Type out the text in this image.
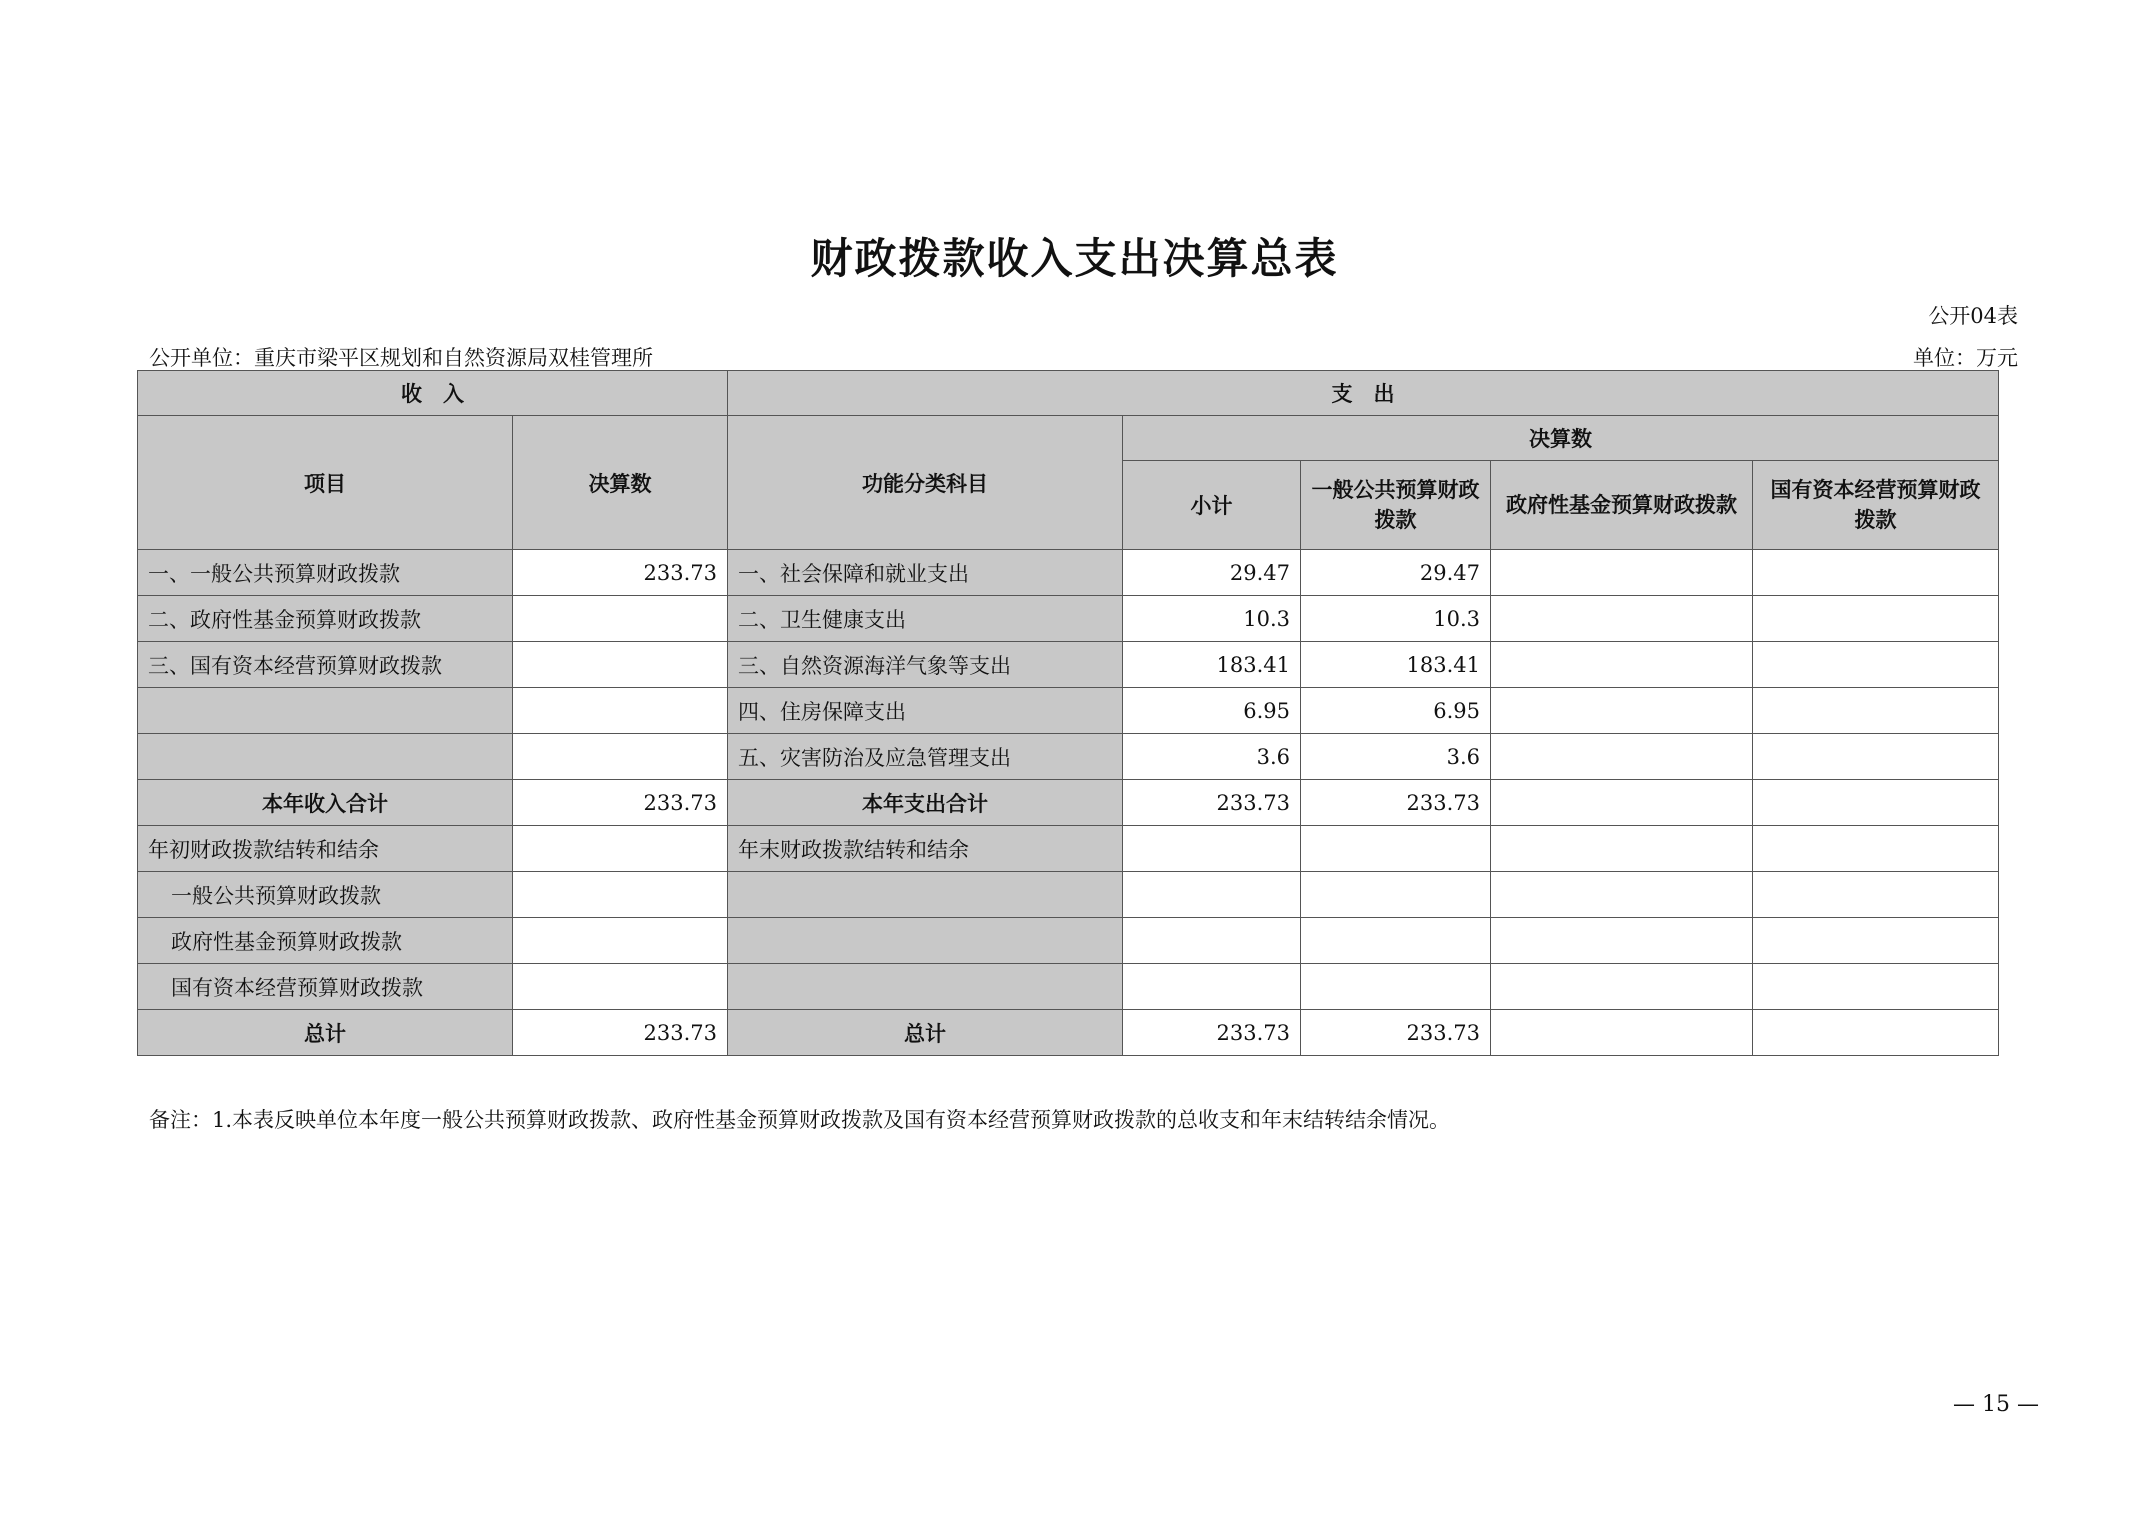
财政拨款收入支出决算总表
公开04表
公开单位：重庆市梁平区规划和自然资源局双桂管理所	单位：万元
收　入		支　出				
项目	决算数	功能分类科目	决算数			
			小计	一般公共预算财政拨款	政府性基金预算财政拨款	国有资本经营预算财政拨款
一、一般公共预算财政拨款	233.73	一、社会保障和就业支出	29.47	29.47		
二、政府性基金预算财政拨款		二、卫生健康支出	10.3	10.3		
三、国有资本经营预算财政拨款		三、自然资源海洋气象等支出	183.41	183.41		
		四、住房保障支出	6.95	6.95		
		五、灾害防治及应急管理支出	3.6	3.6		
本年收入合计	233.73	本年支出合计	233.73	233.73		
年初财政拨款结转和结余		年末财政拨款结转和结余				
一般公共预算财政拨款						
政府性基金预算财政拨款						
国有资本经营预算财政拨款						
总计	233.73	总计	233.73	233.73		
备注：1.本表反映单位本年度一般公共预算财政拨款、政府性基金预算财政拨款及国有资本经营预算财政拨款的总收支和年末结转结余情况。
— 15 —
